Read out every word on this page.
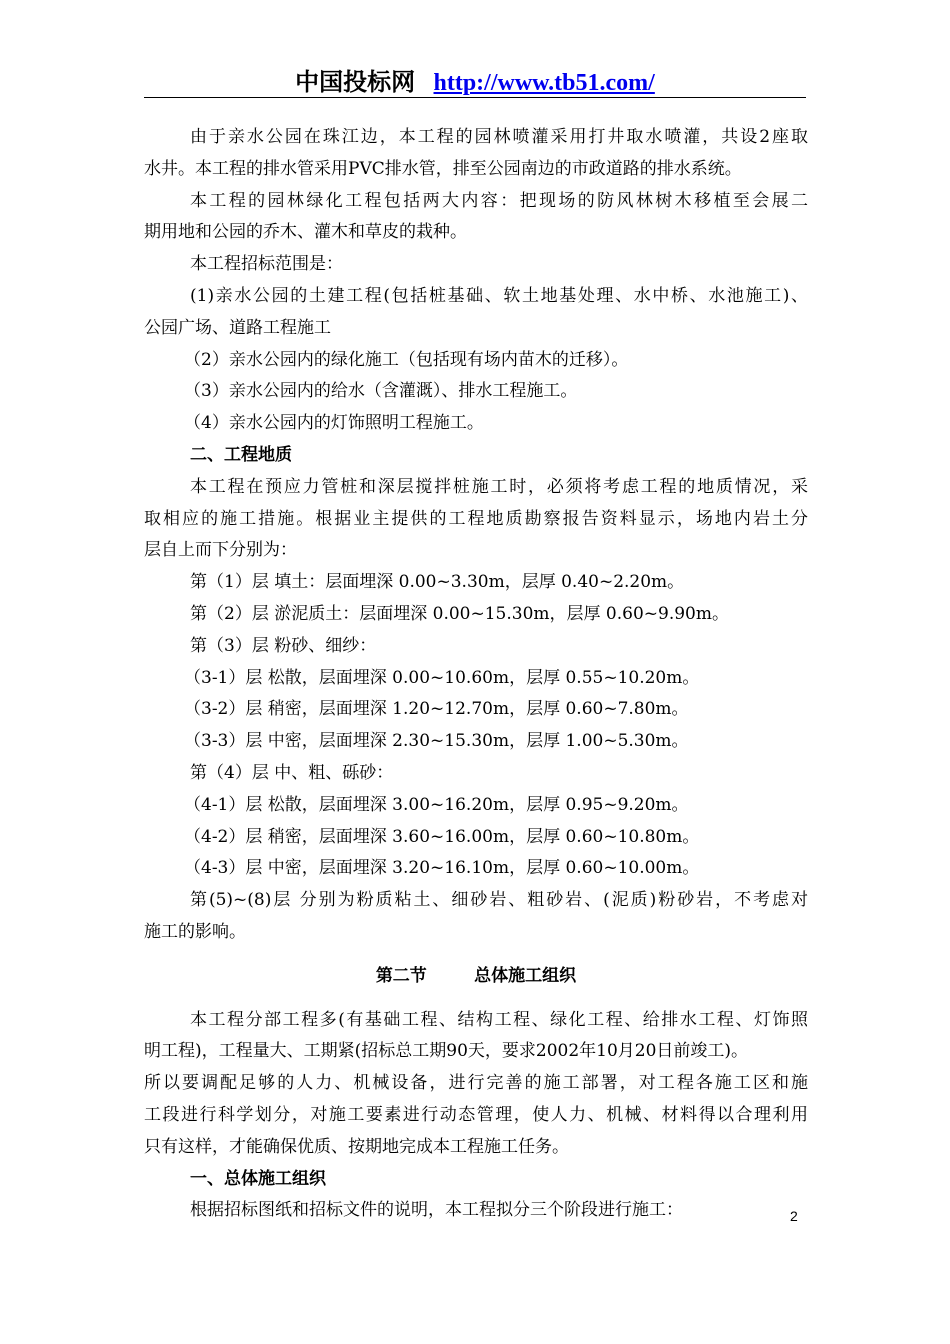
中国投标网 http://www.tb51.com/

由于亲水公园在珠江边，本工程的园林喷灌采用打井取水喷灌，共设2座取

水井。本工程的排水管采用PVC排水管，排至公园南边的市政道路的排水系统。

本工程的园林绿化工程包括两大内容：把现场的防风林树木移植至会展二

期用地和公园的乔木、灌木和草皮的栽种。

本工程招标范围是：

(1)亲水公园的土建工程(包括桩基础、软土地基处理、水中桥、水池施工)、

公园广场、道路工程施工

（2）亲水公园内的绿化施工（包括现有场内苗木的迁移）。

（3）亲水公园内的给水（含灌溉）、排水工程施工。

（4）亲水公园内的灯饰照明工程施工。

二、工程地质

本工程在预应力管桩和深层搅拌桩施工时，必须将考虑工程的地质情况，采

取相应的施工措施。根据业主提供的工程地质勘察报告资料显示，场地内岩土分

层自上而下分别为：

第（1）层 填土：层面埋深 0.00~3.30m，层厚 0.40~2.20m。

第（2）层 淤泥质土：层面埋深 0.00~15.30m，层厚 0.60~9.90m。

第（3）层 粉砂、细纱：

（3-1）层 松散，层面埋深 0.00~10.60m，层厚 0.55~10.20m。

（3-2）层 稍密，层面埋深 1.20~12.70m，层厚 0.60~7.80m。

（3-3）层 中密，层面埋深 2.30~15.30m，层厚 1.00~5.30m。

第（4）层 中、粗、砾砂：

（4-1）层 松散，层面埋深 3.00~16.20m，层厚 0.95~9.20m。

（4-2）层 稍密，层面埋深 3.60~16.00m，层厚 0.60~10.80m。

（4-3）层 中密，层面埋深 3.20~16.10m，层厚 0.60~10.00m。

第(5)~(8)层 分别为粉质粘土、细砂岩、粗砂岩、(泥质)粉砂岩，不考虑对

施工的影响。

第二节        总体施工组织

本工程分部工程多(有基础工程、结构工程、绿化工程、给排水工程、灯饰照

明工程)，工程量大、工期紧(招标总工期90天，要求2002年10月20日前竣工)。

所以要调配足够的人力、机械设备，进行完善的施工部署，对工程各施工区和施

工段进行科学划分，对施工要素进行动态管理，使人力、机械、材料得以合理利用

只有这样，才能确保优质、按期地完成本工程施工任务。

一、总体施工组织

根据招标图纸和招标文件的说明，本工程拟分三个阶段进行施工：	2
